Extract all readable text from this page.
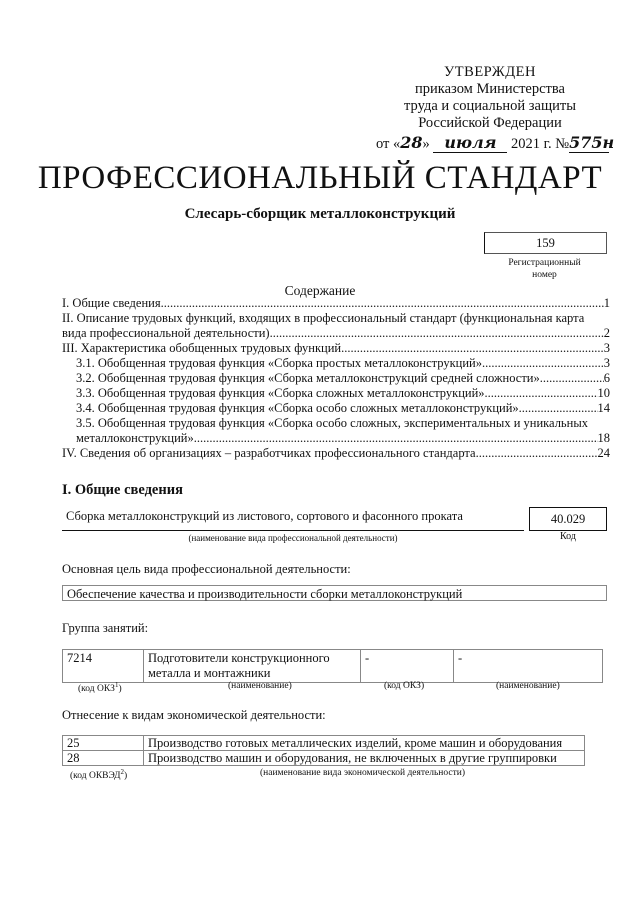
УТВЕРЖДЕН
приказом Министерства
труда и социальной защиты
Российской Федерации
от «28» июля 2021 г. №575н
ПРОФЕССИОНАЛЬНЫЙ СТАНДАРТ
Слесарь-сборщик металлоконструкций
159
Регистрационный
номер
Содержание
I. Общие сведения .....	1
II. Описание трудовых функций, входящих в профессиональный стандарт (функциональная карта
вида профессиональной деятельности) .....	2
III. Характеристика обобщенных трудовых функций .....	3
3.1. Обобщенная трудовая функция «Сборка простых металлоконструкций» .....	3
3.2. Обобщенная трудовая функция «Сборка металлоконструкций средней сложности» .....	6
3.3. Обобщенная трудовая функция «Сборка сложных металлоконструкций» .....	10
3.4. Обобщенная трудовая функция «Сборка особо сложных металлоконструкций» .....	14
3.5. Обобщенная трудовая функция «Сборка особо сложных, экспериментальных и уникальных
металлоконструкций» .....	18
IV. Сведения об организациях – разработчиках профессионального стандарта .....	24
I. Общие сведения
Сборка металлоконструкций из листового, сортового и фасонного проката	40.029
(наименование вида профессиональной деятельности)	Код
Основная цель вида профессиональной деятельности:
Обеспечение качества и производительности сборки металлоконструкций
Группа занятий:
7214	Подготовители конструкционного металла и монтажники	-	-
(код ОКЗ$^1$)	(наименование)	(код ОКЗ)	(наименование)
Отнесение к видам экономической деятельности:
25	Производство готовых металлических изделий, кроме машин и оборудования
28	Производство машин и оборудования, не включенных в другие группировки
(код ОКВЭД$^2$)	(наименование вида экономической деятельности)
